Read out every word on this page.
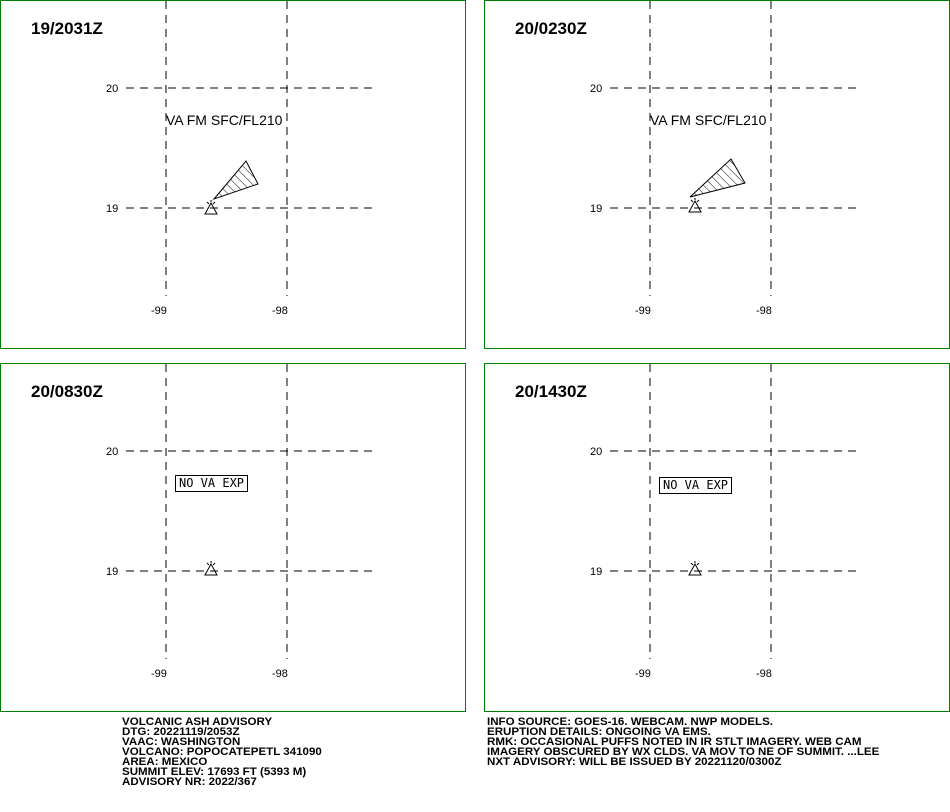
19/2031Z
20
19
-99	-98
VA FM SFC/FL210
20/0230Z
20
19
-99	-98
VA FM SFC/FL210
20/0830Z
20
19
-99	-98
NO VA EXP
20/1430Z
20
19
-99	-98
NO VA EXP
VOLCANIC ASH ADVISORY
DTG: 20221119/2053Z
VAAC: WASHINGTON
VOLCANO: POPOCATEPETL 341090
AREA: MEXICO
SUMMIT ELEV: 17693 FT (5393 M)
ADVISORY NR: 2022/367
INFO SOURCE: GOES-16. WEBCAM. NWP MODELS.
ERUPTION DETAILS: ONGOING VA EMS.
RMK: OCCASIONAL PUFFS NOTED IN IR STLT IMAGERY. WEB CAM
IMAGERY OBSCURED BY WX CLDS. VA MOV TO NE OF SUMMIT. ...LEE
NXT ADVISORY: WILL BE ISSUED BY 20221120/0300Z
